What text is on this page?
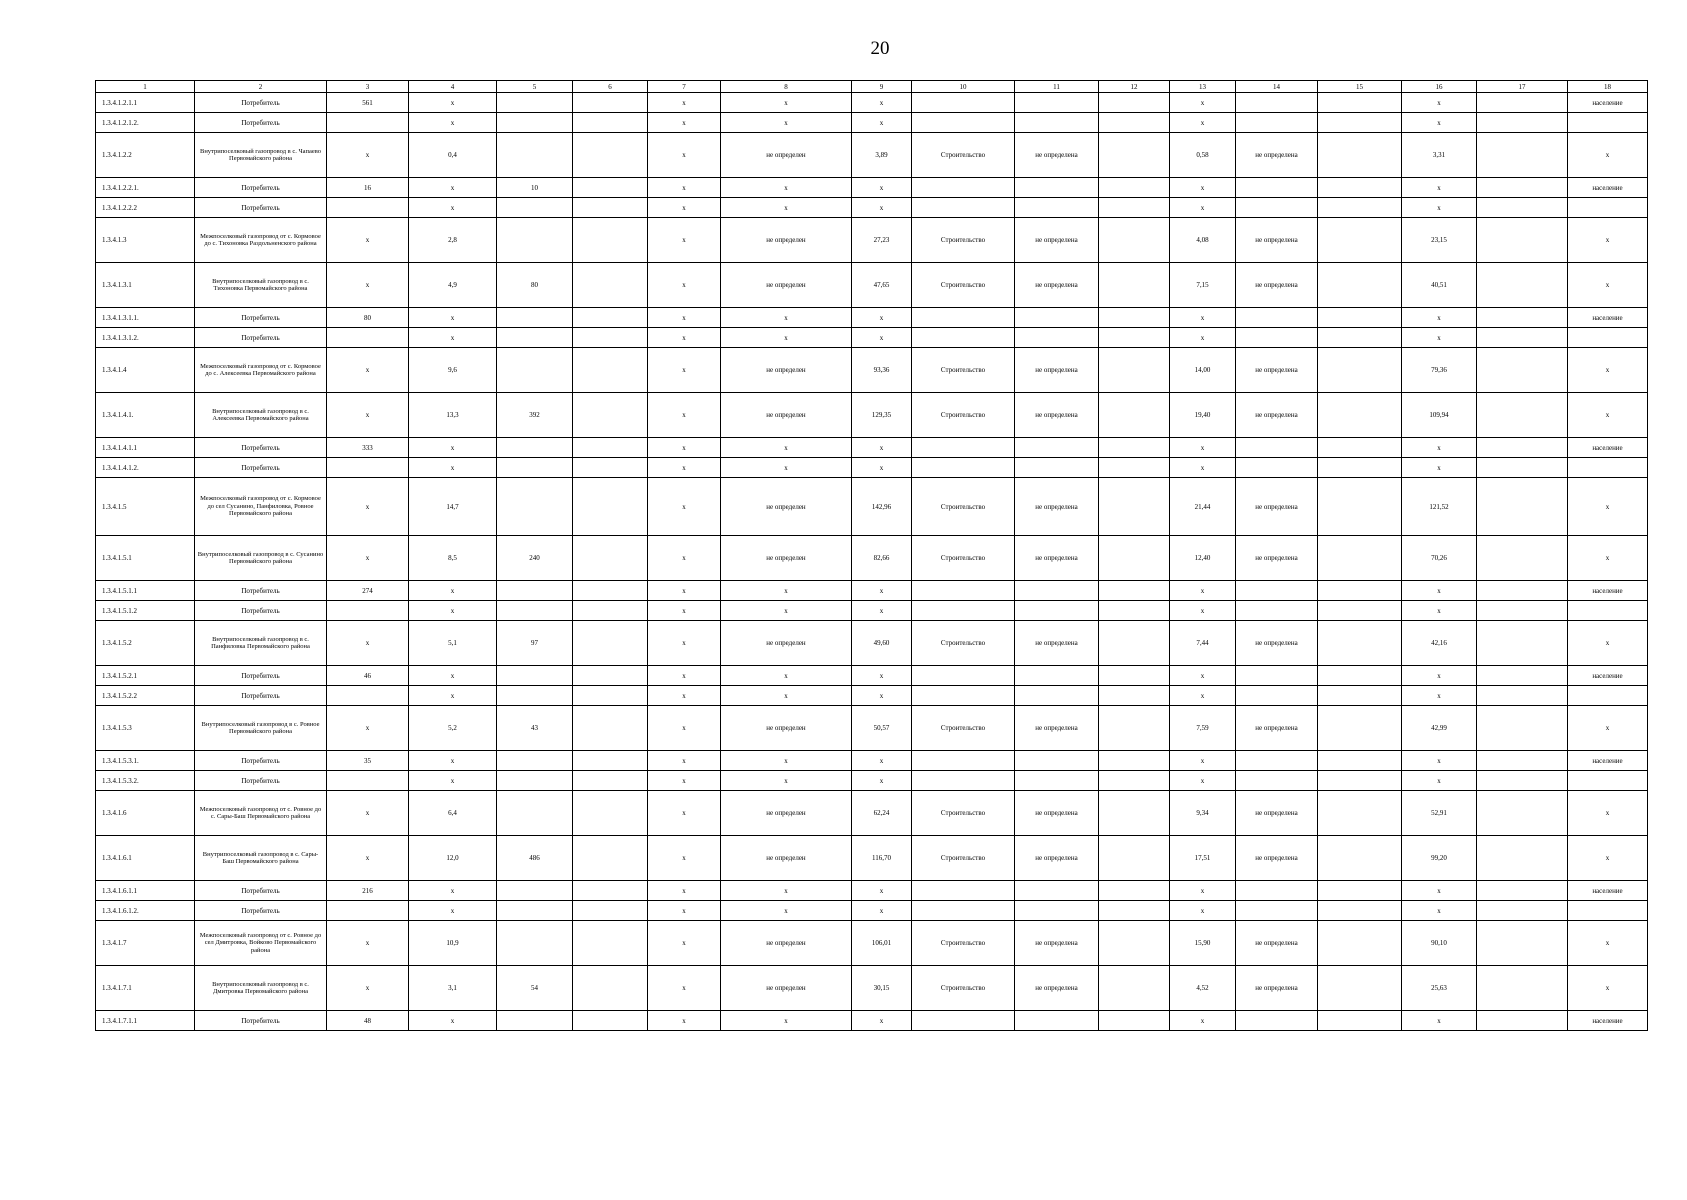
20
1	2	3	4	5	6	7	8	9	10	11	12	13	14	15	16	17	18
1.3.4.1.2.1.1	Потребитель	561	x			x	x	x				x			x		население
1.3.4.1.2.1.2.	Потребитель		x			x	x	x				x			x		
1.3.4.1.2.2	Внутрипоселковый газопровод в с. Чапаево Первомайского района	x	0,4			x	не определен	3,89	Строительство	не определена		0,58	не определена		3,31		x
1.3.4.1.2.2.1.	Потребитель	16	x	10		x	x	x				x			x		население
1.3.4.1.2.2.2	Потребитель		x			x	x	x				x			x		
1.3.4.1.3	Межпоселковый газопровод от с. Кормовое до с. Тихоновка Раздольненского района	x	2,8			x	не определен	27,23	Строительство	не определена		4,08	не определена		23,15		x
1.3.4.1.3.1	Внутрипоселковый газопровод в с. Тихоновка Первомайского района	x	4,9	80		x	не определен	47,65	Строительство	не определена		7,15	не определена		40,51		x
1.3.4.1.3.1.1.	Потребитель	80	x			x	x	x				x			x		население
1.3.4.1.3.1.2.	Потребитель		x			x	x	x				x			x		
1.3.4.1.4	Межпоселковый газопровод от с. Кормовое до с. Алексеевка Первомайского района	x	9,6			x	не определен	93,36	Строительство	не определена		14,00	не определена		79,36		x
1.3.4.1.4.1.	Внутрипоселковый газопровод в с. Алексеевка Первомайского района	x	13,3	392		x	не определен	129,35	Строительство	не определена		19,40	не определена		109,94		x
1.3.4.1.4.1.1	Потребитель	333	x			x	x	x				x			x		население
1.3.4.1.4.1.2.	Потребитель		x			x	x	x				x			x		
1.3.4.1.5	Межпоселковый газопровод от с. Кормовое до сел Сусанино, Панфиловка, Ровное Первомайского района	x	14,7			x	не определен	142,96	Строительство	не определена		21,44	не определена		121,52		x
1.3.4.1.5.1	Внутрипоселковый газопровод в с. Сусанино Первомайского района	x	8,5	240		x	не определен	82,66	Строительство	не определена		12,40	не определена		70,26		x
1.3.4.1.5.1.1	Потребитель	274	x			x	x	x				x			x		население
1.3.4.1.5.1.2	Потребитель		x			x	x	x				x			x		
1.3.4.1.5.2	Внутрипоселковый газопровод в с. Панфиловка Первомайского района	x	5,1	97		x	не определен	49,60	Строительство	не определена		7,44	не определена		42,16		x
1.3.4.1.5.2.1	Потребитель	46	x			x	x	x				x			x		население
1.3.4.1.5.2.2	Потребитель		x			x	x	x				x			x		
1.3.4.1.5.3	Внутрипоселковый газопровод в с. Ровное Первомайского района	x	5,2	43		x	не определен	50,57	Строительство	не определена		7,59	не определена		42,99		x
1.3.4.1.5.3.1.	Потребитель	35	x			x	x	x				x			x		население
1.3.4.1.5.3.2.	Потребитель		x			x	x	x				x			x		
1.3.4.1.6	Межпоселковый газопровод от с. Ровное до с. Сары-Баш Первомайского района	x	6,4			x	не определен	62,24	Строительство	не определена		9,34	не определена		52,91		x
1.3.4.1.6.1	Внутрипоселковый газопровод в с. Сары-Баш Первомайского района	x	12,0	486		x	не определен	116,70	Строительство	не определена		17,51	не определена		99,20		x
1.3.4.1.6.1.1	Потребитель	216	x			x	x	x				x			x		население
1.3.4.1.6.1.2.	Потребитель		x			x	x	x				x			x		
1.3.4.1.7	Межпоселковый газопровод от с. Ровное до сел Дмитровка, Войково Первомайского района	x	10,9			x	не определен	106,01	Строительство	не определена		15,90	не определена		90,10		x
1.3.4.1.7.1	Внутрипоселковый газопровод в с. Дмитровка Первомайского района	x	3,1	54		x	не определен	30,15	Строительство	не определена		4,52	не определена		25,63		x
1.3.4.1.7.1.1	Потребитель	48	x			x	x	x				x			x		население
